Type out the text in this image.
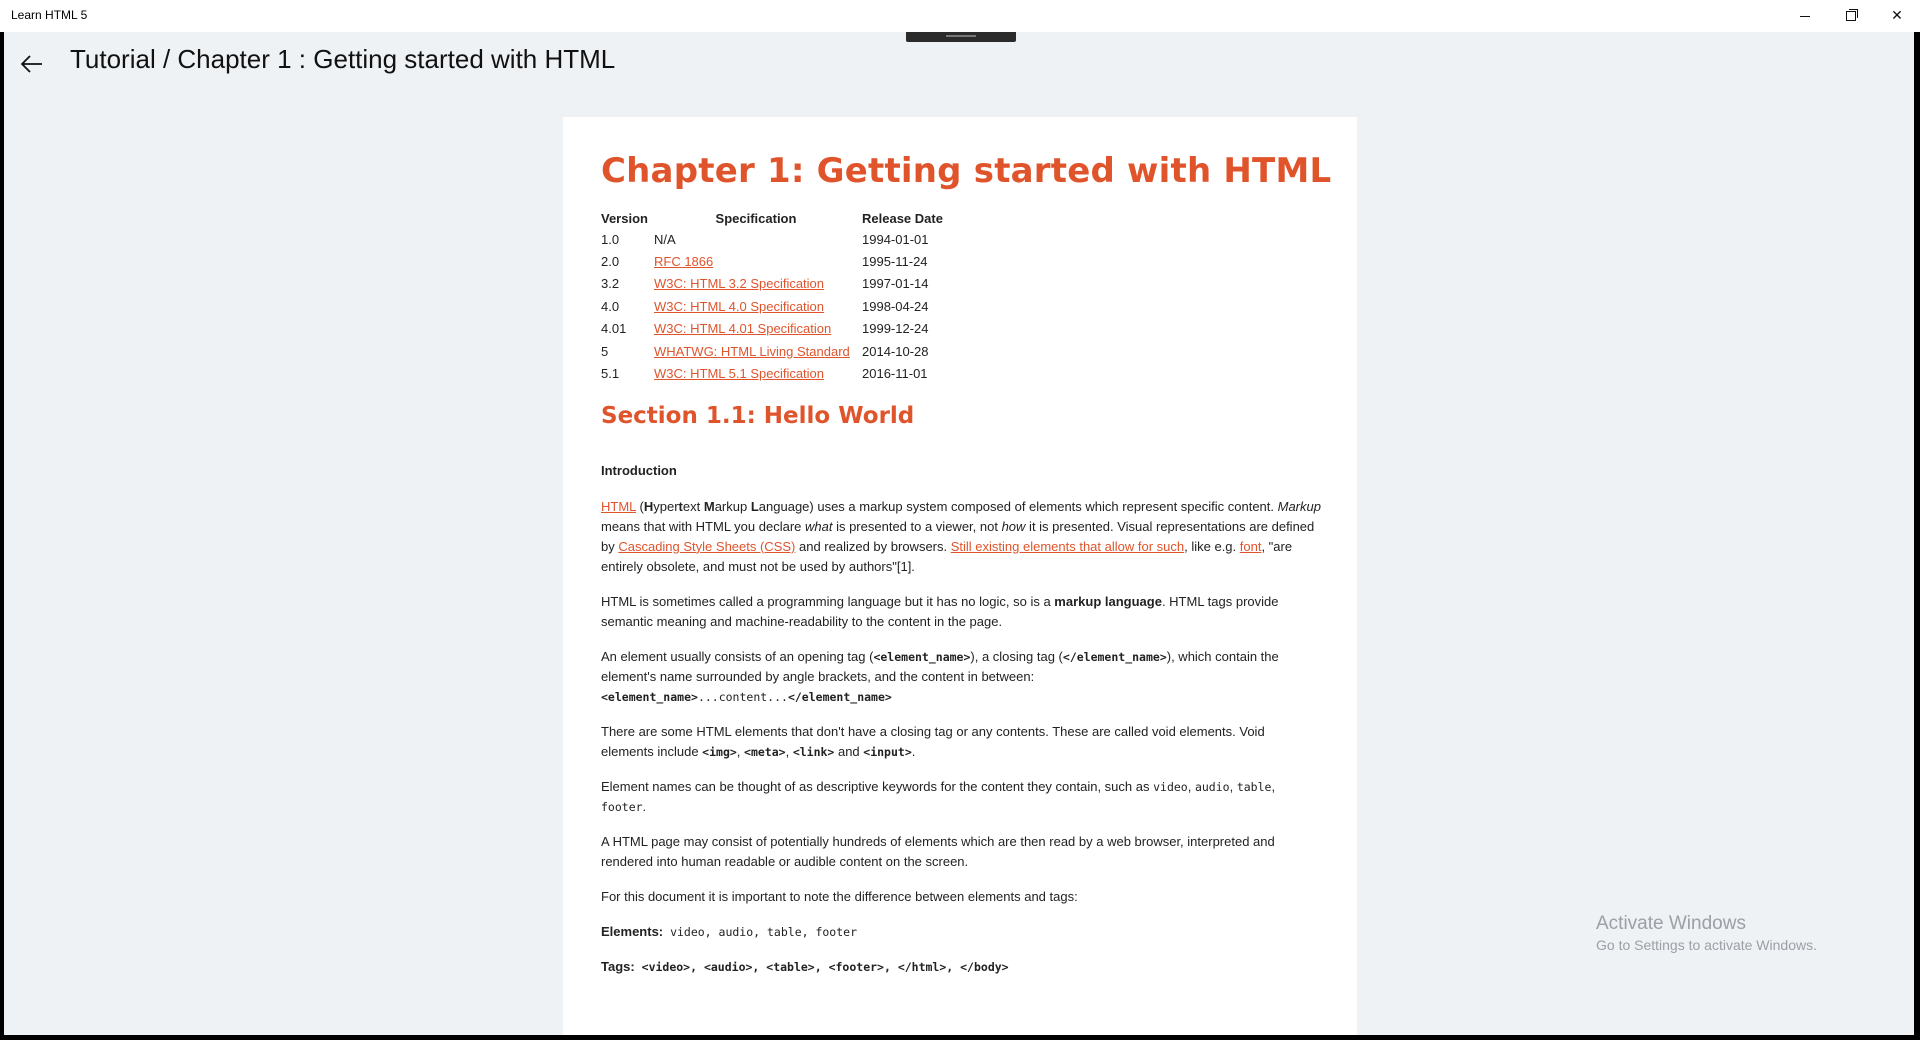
Learn HTML 5	✕
Tutorial / Chapter 1 : Getting started with HTML
Chapter 1: Getting started with HTML
Version	Specification	Release Date
1.0	N/A	1994-01-01
2.0	RFC 1866	1995-11-24
3.2	W3C: HTML 3.2 Specification	1997-01-14
4.0	W3C: HTML 4.0 Specification	1998-04-24
4.01	W3C: HTML 4.01 Specification	1999-12-24
5	WHATWG: HTML Living Standard	2014-10-28
5.1	W3C: HTML 5.1 Specification	2016-11-01
Section 1.1: Hello World

Introduction

HTML (Hypertext Markup Language) uses a markup system composed of elements which represent specific content. Markup means that with HTML you declare what is presented to a viewer, not how it is presented. Visual representations are defined by Cascading Style Sheets (CSS) and realized by browsers. Still existing elements that allow for such, like e.g. font, "are entirely obsolete, and must not be used by authors"[1].

HTML is sometimes called a programming language but it has no logic, so is a markup language. HTML tags provide semantic meaning and machine-readability to the content in the page.

An element usually consists of an opening tag (<element_name>), a closing tag (</element_name>), which contain the element's name surrounded by angle brackets, and the content in between:
<element_name>...content...</element_name>

There are some HTML elements that don't have a closing tag or any contents. These are called void elements. Void elements include <img>, <meta>, <link> and <input>.

Element names can be thought of as descriptive keywords for the content they contain, such as video, audio, table, footer.

A HTML page may consist of potentially hundreds of elements which are then read by a web browser, interpreted and rendered into human readable or audible content on the screen.

For this document it is important to note the difference between elements and tags:

Elements: video, audio, table, footer

Tags: <video>, <audio>, <table>, <footer>, </html>, </body>

Activate Windows
Go to Settings to activate Windows.
